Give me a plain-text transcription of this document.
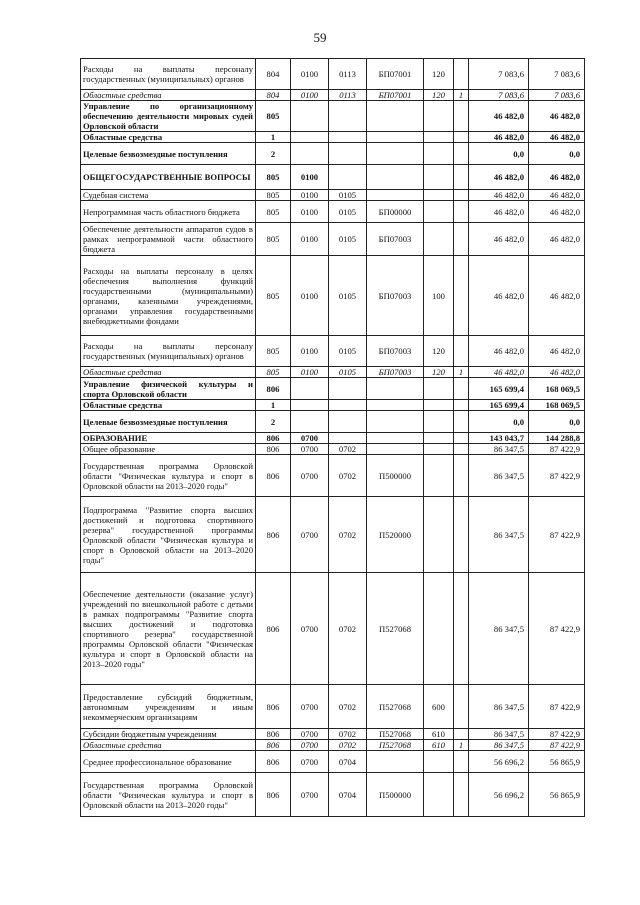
59
Расходы на выплаты персоналу государственных (муниципальных) органов	804	0100	0113	БП07001	120		7 083,6	7 083,6
Областные средства	804	0100	0113	БП07001	120	1	7 083,6	7 083,6
Управление по организационному обеспечению деятельности мировых судей Орловской области	805						46 482,0	46 482,0
Областные средства	1						46 482,0	46 482,0
Целевые безвозмездные поступления	2						0,0	0,0
ОБЩЕГОСУДАРСТВЕННЫЕ ВОПРОСЫ	805	0100					46 482,0	46 482,0
Судебная система	805	0100	0105				46 482,0	46 482,0
Непрограммная часть областного бюджета	805	0100	0105	БП00000			46 482,0	46 482,0
Обеспечение деятельности аппаратов судов в рамках непрограммной части областного бюджета	805	0100	0105	БП07003			46 482,0	46 482,0
Расходы на выплаты персоналу в целях обеспечения выполнения функций государственными (муниципальными) органами, казенными учреждениями, органами управления государственными внебюджетными фондами	805	0100	0105	БП07003	100		46 482,0	46 482,0
Расходы на выплаты персоналу государственных (муниципальных) органов	805	0100	0105	БП07003	120		46 482,0	46 482,0
Областные средства	805	0100	0105	БП07003	120	1	46 482,0	46 482,0
Управление физической культуры и спорта Орловской области	806						165 699,4	168 069,5
Областные средства	1						165 699,4	168 069,5
Целевые безвозмездные поступления	2						0,0	0,0
ОБРАЗОВАНИЕ	806	0700					143 043,7	144 288,8
Общее образование	806	0700	0702				86 347,5	87 422,9
Государственная программа Орловской области "Физическая культура и спорт в Орловской области на 2013–2020 годы"	806	0700	0702	П500000			86 347,5	87 422,9
Подпрограмма "Развитие спорта высших достижений и подготовка спортивного резерва" государственной программы Орловской области "Физическая культура и спорт в Орловской области на 2013–2020 годы"	806	0700	0702	П520000			86 347,5	87 422,9
Обеспечение деятельности (оказание услуг) учреждений по внешкольной работе с детьми в рамках подпрограммы "Развитие спорта высших достижений и подготовка спортивного резерва" государственной программы Орловской области "Физическая культура и спорт в Орловской области на 2013–2020 годы"	806	0700	0702	П527068			86 347,5	87 422,9
Предоставление субсидий бюджетным, автономным учреждениям и иным некоммерческим организациям	806	0700	0702	П527068	600		86 347,5	87 422,9
Субсидии бюджетным учреждениям	806	0700	0702	П527068	610		86 347,5	87 422,9
Областные средства	806	0700	0702	П527068	610	1	86 347,5	87 422,9
Среднее профессиональное образование	806	0700	0704				56 696,2	56 865,9
Государственная программа Орловской области "Физическая культура и спорт в Орловской области на 2013–2020 годы"	806	0700	0704	П500000			56 696,2	56 865,9
